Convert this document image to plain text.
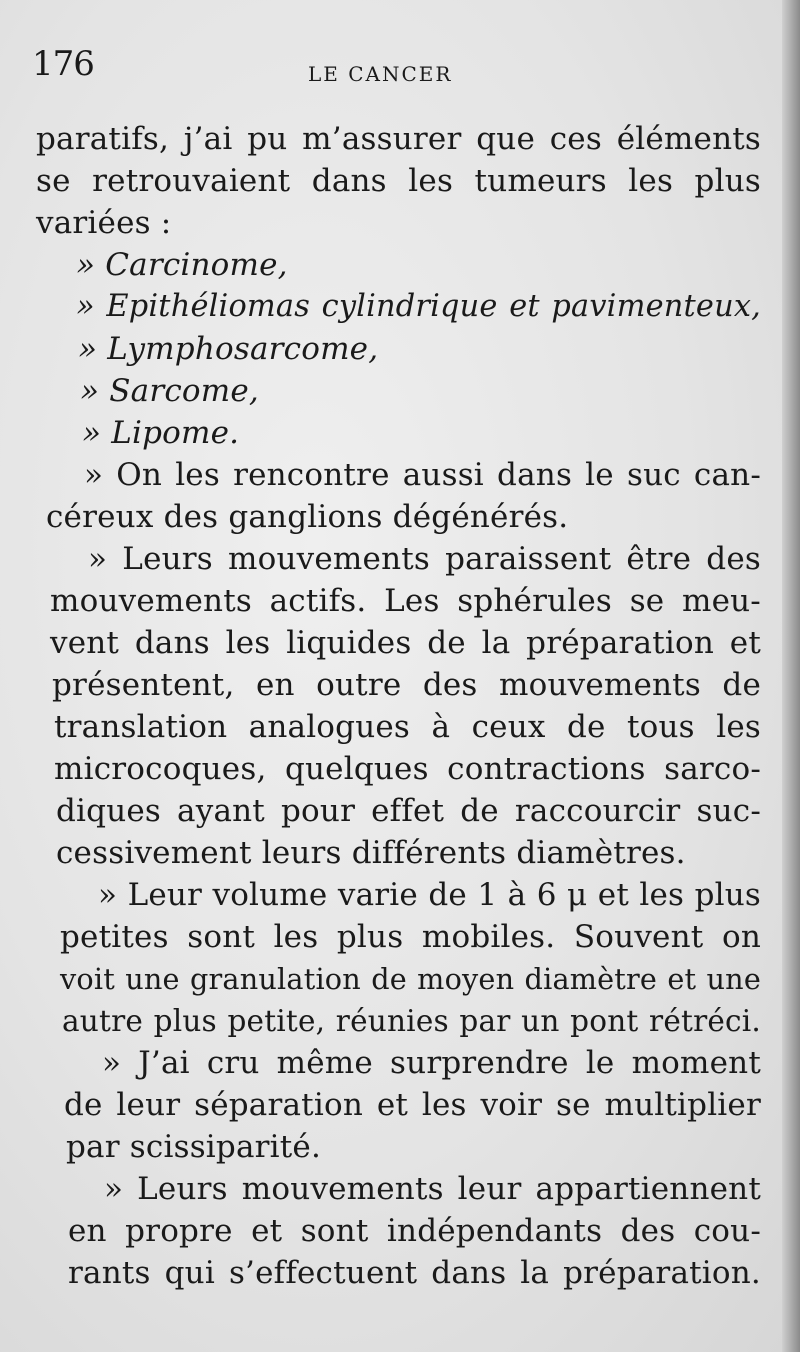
176	LE CANCER
paratifs, j’ai pu m’assurer que ces éléments
se retrouvaient dans les tumeurs les plus
variées :
» Carcinome,
» Epithéliomas cylindrique et pavimenteux,
» Lymphosarcome,
» Sarcome,
» Lipome.
» On les rencontre aussi dans le suc can-
céreux des ganglions dégénérés.
» Leurs mouvements paraissent être des
mouvements actifs. Les sphérules se meu-
vent dans les liquides de la préparation et
présentent, en outre des mouvements de
translation analogues à ceux de tous les
microcoques, quelques contractions sarco-
diques ayant pour effet de raccourcir suc-
cessivement leurs différents diamètres.
» Leur volume varie de 1 à 6 μ et les plus
petites sont les plus mobiles. Souvent on
voit une granulation de moyen diamètre et une
autre plus petite, réunies par un pont rétréci.
» J’ai cru même surprendre le moment
de leur séparation et les voir se multiplier
par scissiparité.
» Leurs mouvements leur appartiennent
en propre et sont indépendants des cou-
rants qui s’effectuent dans la préparation.
